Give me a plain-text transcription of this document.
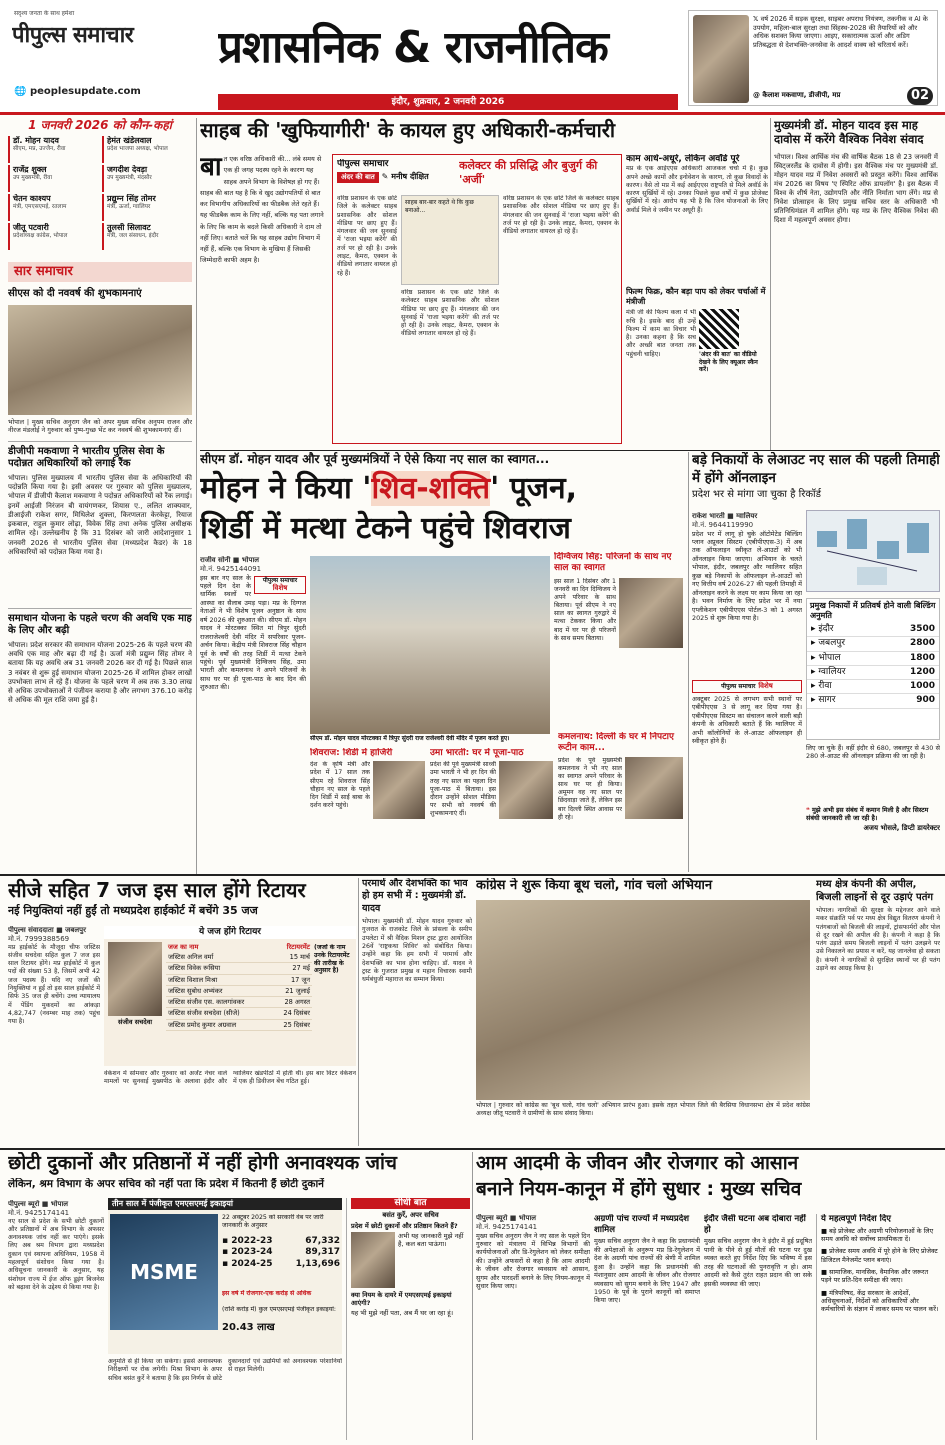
सदृश्य जनता के साथ हमेशा
पीपुल्स समाचार
🌐 peoplesupdate.com
प्रशासनिक & राजनीतिक
इंदौर, शुक्रवार, 2 जनवरी 2026
𝕏 वर्ष 2026 में सड़क सुरक्षा, साइबर अपराध नियंत्रण, तकनीक व AI के उपयोग, महिला-बाल सुरक्षा तथा सिंहस्थ-2028 की तैयारियों को और अधिक सशक्त किया जाएगा। आइए, सकारात्मक ऊर्जा और अडिग प्रतिबद्धता से देशभक्ति-जनसेवा के आदर्श वाक्य को चरितार्थ करें।
@ कैलाश मकवाणा, डीजीपी, मप्र	02
1 जनवरी 2026 को कौन-कहां
डॉ. मोहन यादव
सीएम, मप्र, उज्जैन, रीवा
हेमंत खंडेलवाल
प्रदेश भाजपा अध्यक्ष, भोपाल
राजेंद्र शुक्ल
उप मुख्यमंत्री, रीवा
जगदीश देवड़ा
उप मुख्यमंत्री, मंदसौर
चेतन काश्यप
मंत्री, एमएसएमई, रतलाम
प्रद्युम्न सिंह तोमर
मंत्री, ऊर्जा, ग्वालियर
जीतू पटवारी
प्रदेशाध्यक्ष कांग्रेस, भोपाल
तुलसी सिलावट
मंत्री, जल संसाधन, इंदौर
सार समाचार
सीएस को दी नववर्ष की शुभकामनाएं
भोपाल | मुख्य सचिव अनुराग जैन को अपर मुख्य सचिव अनुपम राजन और नीरज मंडलोई ने गुरुवार को पुष्प-गुच्छ भेंट कर नववर्ष की शुभकामनाएं दीं।
डीजीपी मकवाणा ने भारतीय पुलिस सेवा के पदोन्नत अधिकारियों को लगाई रैंक
भोपाल। पुलिस मुख्यालय में भारतीय पुलिस सेवा के अधिकारियों की पदोन्नति किया गया है। इसी अवसर पर गुरुवार को पुलिस मुख्यालय, भोपाल में डीजीपी कैलाश मकवाणा ने पदोन्नत अधिकारियों को रैंक लगाई। इनमें आईजी निरंजन बी वायंगणकर, शियास ए., ललित शाक्यवार, डीआईजी राकेश सगर, मिथिलेश शुक्ला, किरणलता केरकेट्टा, रियाज इकबाल, राहुल कुमार लोढ़ा, विवेक सिंह तथा अनेक पुलिस अधीक्षक शामिल रहे। उल्लेखनीय है कि 31 दिसंबर को जारी आदेशानुसार 1 जनवरी 2026 से भारतीय पुलिस सेवा (मध्यप्रदेश कैडर) के 18 अधिकारियों को पदोन्नत किया गया है।
समाधान योजना के पहले चरण की अवधि एक माह के लिए और बढ़ी
भोपाल। प्रदेश सरकार की समाधान योजना 2025-26 के पहले चरण की अवधि एक माह और बढ़ा दी गई है। ऊर्जा मंत्री प्रद्युम्न सिंह तोमर ने बताया कि यह अवधि अब 31 जनवरी 2026 कर दी गई है। पिछले साल 3 नवंबर से शुरू हुई समाधान योजना 2025-26 में शामिल होकर लाखों उपभोक्ता लाभ ले रहे हैं। योजना के पहले चरण में अब तक 3.30 लाख से अधिक उपभोक्ताओं ने पंजीयन कराया है और लगभग 376.10 करोड़ से अधिक की मूल राशि जमा हुई है।
साहब की 'खुफियागीरी' के कायल हुए अधिकारी-कर्मचारी
बा त एक वरिष्ठ अधिकारी की... लंबे समय से एक ही जगह पदस्थ रहने के कारण यह साहब अपने विभाग के विशेषज्ञ हो गए हैं। साहब की बात यह है कि वे खुद उद्योगपतियों से बात कर विभागीय अधिकारियों का फीडबैक लेते रहते हैं। यह फीडबैक काम के लिए नहीं, बल्कि यह पता लगाने के लिए कि काम के बदले किसी अधिकारी ने दाम तो नहीं लिए। बताते चलें कि यह साहब उद्योग विभाग में नहीं हैं, बल्कि एक विभाग के मुखिया हैं जिसकी जिम्मेदारी काफी अहम है।
पीपुल्स समाचार
अंदर की बात ✎ मनीष दीक्षित
कलेक्टर की प्रसिद्धि और बुजुर्ग की 'अर्जी'
वरिष्ठ प्रशासन के एक छोटे जिले के कलेक्टर साहब प्रशासनिक और सोशल मीडिया पर छाए हुए हैं। मंगलवार की जन सुनवाई में 'राजा भइया करेंगे' की तर्ज पर हो रही है। उनके लाइट, कैमरा, एक्शन के वीडियो लगातार वायरल हो रहे हैं।
साहब बार-बार कहते थे कि कुछ बनाओ...
वरिष्ठ प्रशासन के एक छोटे जिले के कलेक्टर साहब प्रशासनिक और सोशल मीडिया पर छाए हुए हैं। मंगलवार की जन सुनवाई में 'राजा भइया करेंगे' की तर्ज पर हो रही है। उनके लाइट, कैमरा, एक्शन के वीडियो लगातार वायरल हो रहे हैं।
वरिष्ठ प्रशासन के एक छोटे जिले के कलेक्टर साहब प्रशासनिक और सोशल मीडिया पर छाए हुए हैं। मंगलवार की जन सुनवाई में 'राजा भइया करेंगे' की तर्ज पर हो रही है। उनके लाइट, कैमरा, एक्शन के वीडियो लगातार वायरल हो रहे हैं।
काम आधे-अधूरे, लेकिन अवॉर्ड पूरे
मप्र के एक आईएएस अधिकारी आजकल चर्चा में हैं। कुछ अपने अच्छे कामों और इनोवेशन के कारण, तो कुछ विवादों के कारण। वैसे तो मप्र में कई आईएएस राष्ट्रपति से मिले अवॉर्ड के कारण सुर्खियों में रहे। उनका पिछले कुछ वर्षों में कुछ प्रोजेक्ट सुर्खियों में रहे। आरोप यह भी है कि जिन योजनाओं के लिए अवॉर्ड मिले वे जमीन पर अधूरी हैं।
फिल्म फिक्र, कौन बड़ा पाप को लेकर चर्चाओं में मंत्रीजी
मंत्री जी की फिल्म कला में भी रुचि है। इसके बाद ही उन्हें फिल्म में काम का विचार भी है। उनका कहना है कि सच और अच्छी बात जनता तक पहुंचनी चाहिए।	'अंदर की बात' का वीडियो देखने के लिए क्यूआर स्कैन करें।
मुख्यमंत्री डॉ. मोहन यादव इस माह दावोस में करेंगे वैश्विक निवेश संवाद
भोपाल। विश्व आर्थिक मंच की वार्षिक बैठक 18 से 23 जनवरी में स्विट्जरलैंड के दावोस में होगी। इस वैश्विक मंच पर मुख्यमंत्री डॉ. मोहन यादव मप्र में निवेश अवसरों को प्रस्तुत करेंगे। विश्व आर्थिक मंच 2026 का विषय 'ए स्पिरिट ऑफ डायलॉग' है। इस बैठक में विश्व के शीर्ष नेता, उद्योगपति और नीति निर्माता भाग लेंगे। मप्र से निवेश प्रोत्साहन के लिए प्रमुख सचिव स्तर के अधिकारी भी प्रतिनिधिमंडल में शामिल होंगे। यह मप्र के लिए वैश्विक निवेश की दिशा में महत्वपूर्ण अवसर होगा।
सीएम डॉ. मोहन यादव और पूर्व मुख्यमंत्रियों ने ऐसे किया नए साल का स्वागत...
मोहन ने किया 'शिव-शक्ति' पूजन,
शिर्डी में मत्था टेकने पहुंचे शिवराज
राजीव सोनी ■ भोपाल
मो.नं. 9425144091
पीपुल्स समाचार
विशेष
इस बार नए साल के पहले दिन देश के धार्मिक स्थलों पर आस्था का सैलाब उमड़ पड़ा। मप्र के दिग्गज नेताओं ने भी विशेष पूजन अनुष्ठान के साथ वर्ष 2026 की शुरुआत की। सीएम डॉ. मोहन यादव ने मोरटक्का स्थित मां त्रिपुर सुंदरी राजराजेश्वरी देवी मंदिर में सपरिवार पूजन-अर्चन किया। केंद्रीय मंत्री शिवराज सिंह चौहान पूर्व के वर्षों की तरह शिर्डी में मत्था टेकने पहुंचे। पूर्व मुख्यमंत्री दिग्विजय सिंह, उमा भारती और कमलनाथ ने अपने परिजनों के साथ घर पर ही पूजा-पाठ के बाद दिन की शुरुआत की।
सीएम डॉ. मोहन यादव मोरटक्का में त्रिपुर सुंदरी राज राजेश्वरी देवी मंदिर में पूजन करते हुए।
दिग्विजय सिंह: परिजनों के साथ नए साल का स्वागत
इस साल 1 दिसंबर और 1 जनवरी का दिन दिग्विजय ने अपने परिवार के साथ बिताया। पूर्व सीएम ने नए साल का स्वागत गुरुद्वारे में मत्था टेककर किया और बाद में घर पर ही परिजनों के साथ समय बिताया।
शिवराज: शिर्डी में हाजिरी
देश के कृषि मंत्री और प्रदेश में 17 साल तक सीएम रहे शिवराज सिंह चौहान नए साल के पहले दिन शिर्डी में साईं बाबा के दर्शन करने पहुंचे।
उमा भारती: घर में पूजा-पाठ
प्रदेश की पूर्व मुख्यमंत्री साध्वी उमा भारती ने भी हर दिन की तरह नए साल का पहला दिन पूजा-पाठ में बिताया। इस दौरान उन्होंने सोशल मीडिया पर सभी को नववर्ष की शुभकामनाएं दीं।
कमलनाथ: दिल्ली के घर में निपटाए रूटीन काम...
प्रदेश के पूर्व मुख्यमंत्री कमलनाथ ने भी नए साल का स्वागत अपने परिवार के साथ घर पर ही किया। अमूमन वह नए साल पर छिंदवाड़ा जाते हैं, लेकिन इस बार दिल्ली स्थित आवास पर ही रहे।
बड़े निकायों के लेआउट नए साल की पहली तिमाही में होंगे ऑनलाइन
प्रदेश भर से मांगा जा चुका है रिकॉर्ड
राकेश भारती ■ ग्वालियर
मो.नं. 9644119990
प्रदेश भर में लागू हो चुके ऑटोमेटेड बिल्डिंग प्लान अप्रूवल सिस्टम (एबीपीएएस-3) में अब तक ऑफलाइन स्वीकृत ले-आउटों को भी ऑनलाइन किया जाएगा। अभियान के चलते भोपाल, इंदौर, जबलपुर और ग्वालियर सहित कुछ बड़े निकायों के ऑफलाइन ले-आउटों को नए वित्तीय वर्ष 2026-27 की पहली तिमाही में ऑनलाइन करने के लक्ष्य पर काम किया जा रहा है। भवन निर्माण के लिए प्रदेश भर में नया एप्लीकेशन एबीपीएएस पोर्टल-3 को 1 अगस्त 2025 से शुरू किया गया है।
पीपुल्स समाचार विशेष
अक्टूबर 2025 से लगभग सभी स्थानों पर एबीपीएएस 3 से लागू कर दिया गया है। एबीपीएएस सिस्टम का संचालन करने वाली बड़ी कंपनी के अधिकारी बताते हैं कि ग्वालियर में अभी कॉलोनियों के ले-आउट ऑफलाइन ही स्वीकृत होने हैं।
प्रमुख निकायों में प्रतिवर्ष होने वाली बिल्डिंग अनुमति
▸ इंदौर	3500
▸ जबलपुर	2800
▸ भोपाल	1800
▸ ग्वालियर	1200
▸ रीवा	1000
▸ सागर	900
लिए जा चुके हैं। वहीं इंदौर से 680, जबलपुर से 430 से 280 ले-आउट की ऑनलाइन प्रक्रिया की जा रही है।
❝ मुझे अभी इस संबंध में कमान मिली है और सिस्टम संबंधी जानकारी ली जा रही है।
अजय भोसले, डिप्टी डायरेक्टर
सीजे सहित 7 जज इस साल होंगे रिटायर
नई नियुक्तियां नहीं हुईं तो मध्यप्रदेश हाईकोर्ट में बचेंगे 35 जज
पीपुल्स संवाददाता ■ जबलपुर
मो.नं. 7999388569
मप्र हाईकोर्ट के मौजूदा चीफ जस्टिस संजीव सचदेवा सहित कुल 7 जज इस साल रिटायर होंगे। मप्र हाईकोर्ट में कुल पदों की संख्या 53 है, जिसमें अभी 42 जज पदस्थ हैं। यदि नए जजों की नियुक्तियां न हुईं तो इस साल हाईकोर्ट में सिर्फ 35 जज ही बचेंगे। उच्च न्यायालय में पेंडिंग मुकदमों का आंकड़ा 4,82,747 (नवम्बर माह तक) पहुंच गया है।
ये जज होंगे रिटायर
संजीव सचदेवा
जज का नाम	रिटायरमेंट
जस्टिस अनिल वर्मा	15 मार्च
जस्टिस विवेक रूसिया	27 मई
जस्टिस विशाल मिश्रा	17 जून
जस्टिस सुबोध अभ्यंकर	21 जुलाई
जस्टिस संजीव एस. कालगांवकर	28 अगस्त
जस्टिस संजीव सचदेवा (सीजे)	24 दिसंबर
जस्टिस प्रमोद कुमार अग्रवाल	25 दिसंबर
(जजों के नाम उनके रिटायरमेंट की तारीख के अनुसार है)
वेकेशन में सोमवार और गुरुवार को अर्जेंट नेचर वाले मामलों पर सुनवाई मुख्यपीठ के अलावा इंदौर और ग्वालियर खंडपीठों में होती थी। इस बार विंटर वेकेशन में एक ही डिवीजन बेंच गठित हुई।
परमार्थ और देशभक्ति का भाव हो हम सभी में : मुख्यमंत्री डॉ. यादव
भोपाल। मुख्यमंत्री डॉ. मोहन यादव गुरुवार को गुजरात के राजकोट जिले के प्रांसला के समीप उपलेटा में श्री वैदिक मिशन ट्रस्ट द्वारा आयोजित 26वें 'राष्ट्रकथा शिविर' को संबोधित किया। उन्होंने कहा कि हम सभी में परमार्थ और देशभक्ति का भाव होना चाहिए। डॉ. यादव ने ट्रस्ट के गुजरात प्रमुख व महान विचारक स्वामी धर्मबंधुजी महाराज का सम्मान किया।
कांग्रेस ने शुरू किया बूथ चलो, गांव चलो अभियान
भोपाल | गुरुवार को कांग्रेस का 'बूथ चलो, गांव चलो' अभियान प्रारंभ हुआ। इसके तहत भोपाल जिले की बैरसिया विधानसभा क्षेत्र में प्रदेश कांग्रेस अध्यक्ष जीतू पटवारी ने ग्रामीणों के साथ संवाद किया।
मध्य क्षेत्र कंपनी की अपील, बिजली लाइनों से दूर उड़ाएं पतंग
भोपाल। नागरिकों की सुरक्षा के मद्देनजर आने वाले मकर संक्रांति पर्व पर मध्य क्षेत्र विद्युत वितरण कंपनी ने पतंगबाजों को बिजली की लाइनों, ट्रांसफार्मरों और पोल से दूर रखने की अपील की है। कंपनी ने कहा है कि पतंग उड़ाते समय बिजली लाइनों में पतंग उलझने पर उसे निकालने का प्रयास न करें, यह जानलेवा हो सकता है। कंपनी ने नागरिकों से सुरक्षित स्थानों पर ही पतंग उड़ाने का आग्रह किया है।
छोटी दुकानों और प्रतिष्ठानों में नहीं होगी अनावश्यक जांच
लेकिन, श्रम विभाग के अपर सचिव को नहीं पता कि प्रदेश में कितनी हैं छोटी दुकानें
पीपुल्स ब्यूरो ■ भोपाल
मो.नं. 9425174141
नए साल से प्रदेश के सभी छोटी दुकानों और प्रतिष्ठानों में अब विभाग के अफसर अनावश्यक जांच नहीं कर पाएंगे। इसके लिए अब श्रम विभाग द्वारा मध्यप्रदेश दुकान एवं स्थापना अधिनियम, 1958 में महत्वपूर्ण संशोधन किया गया है। अधिसूचना जानकारी के अनुसार, यह संशोधन राज्य में ईज ऑफ डूइंग बिजनेस को बढ़ावा देने के उद्देश्य से किया गया है।
तीन साल में पंजीकृत एमएसएमई इकाइयां
MSME
22 अक्टूबर 2025 को सरकारी वेब पर जारी जानकारी के अनुसार
▪ 2022-23	67,332
▪ 2023-24	89,317
▪ 2024-25	1,13,696
इस वर्ष में रोजगार-एक करोड़ से अधिक
(राशि करोड़ में) कुल एमएसएमई पंजीकृत इकाइयां:
20.43 लाख
अनुमति से ही किया जा सकेगा। इससे अनावश्यक निरीक्षणों पर रोक लगेगी। मिश्रा विभाग के अपर सचिव बसंत कुर्रे ने बताया है कि इस निर्णय से छोटे दुकानदारों एवं उद्यमियों को अनावश्यक परेशानियों से राहत मिलेगी।
सीधी बात
बसंत कुर्रे, अपर सचिव
प्रदेश में छोटी दुकानों और प्रतिष्ठान कितने हैं?
अभी यह जानकारी मुझे नहीं है, कल बता पाऊंगा।
क्या नियम के दायरे में एमएसएमई इकाइयां आएंगी?
यह भी मुझे नहीं पता, अब मैं घर जा रहा हूं।
आम आदमी के जीवन और रोजगार को आसान
बनाने नियम-कानून में होंगे सुधार : मुख्य सचिव
पीपुल्स ब्यूरो ■ भोपाल
मो.नं. 9425174141
मुख्य सचिव अनुराग जैन ने नए साल के पहले दिन गुरुवार को मंत्रालय में विभिन्न विभागों की कार्ययोजनाओं और डि-रेगुलेशन को लेकर समीक्षा की। उन्होंने अफसरों से कहा है कि आम आदमी के जीवन और रोजगार व्यवसाय को आसान, सुगम और पारदर्शी बनाने के लिए नियम-कानून में सुधार किया जाए।
अग्रणी पांच राज्यों में मध्यप्रदेश शामिल
मुख्य सचिव अनुराग जैन ने कहा कि प्रधानमंत्री की अपेक्षाओं के अनुरूप मप्र डि-रेगुलेशन में देश के अग्रणी पांच राज्यों की श्रेणी में शामिल हुआ है। उन्होंने कहा कि प्रधानमंत्री की मंशानुसार आम आदमी के जीवन और रोजगार व्यवसाय को सुगम बनाने के लिए 1947 और 1950 के पूर्व के पुराने कानूनों को समाप्त किया जाए।
इंदौर जैसी घटना अब दोबारा नहीं हो
मुख्य सचिव अनुराग जैन ने इंदौर में हुई प्रदूषित पानी के पीने से हुई मौतों की घटना पर दुख व्यक्त करते हुए निर्देश दिए कि भविष्य में इस तरह की घटनाओं की पुनरावृत्ति न हो। आम आदमी को कैसे तुरंत राहत प्रदान की जा सके इसकी व्यवस्था की जाए।
ये महत्वपूर्ण निर्देश दिए
■ बड़े प्रोजेक्ट और अग्रणी परियोजनाओं के लिए समय अवधि को सर्वोच्च प्राथमिकता दें।
■ प्रोजेक्ट समय अवधि में पूरे होने के लिए प्रोजेक्ट डिजिटल मैनेजमेंट प्लान बनाएं।
■ सामाजिक, मानसिक, वैमानिक और जरूरत पड़ने पर प्रति-दिन समीक्षा की जाए।
■ मंत्रिपरिषद, केंद्र सरकार के आदेशों, अधिसूचनाओं, निर्देशों को अधिकारियों और कर्मचारियों के संज्ञान में लाकर समय पर पालन करें।
